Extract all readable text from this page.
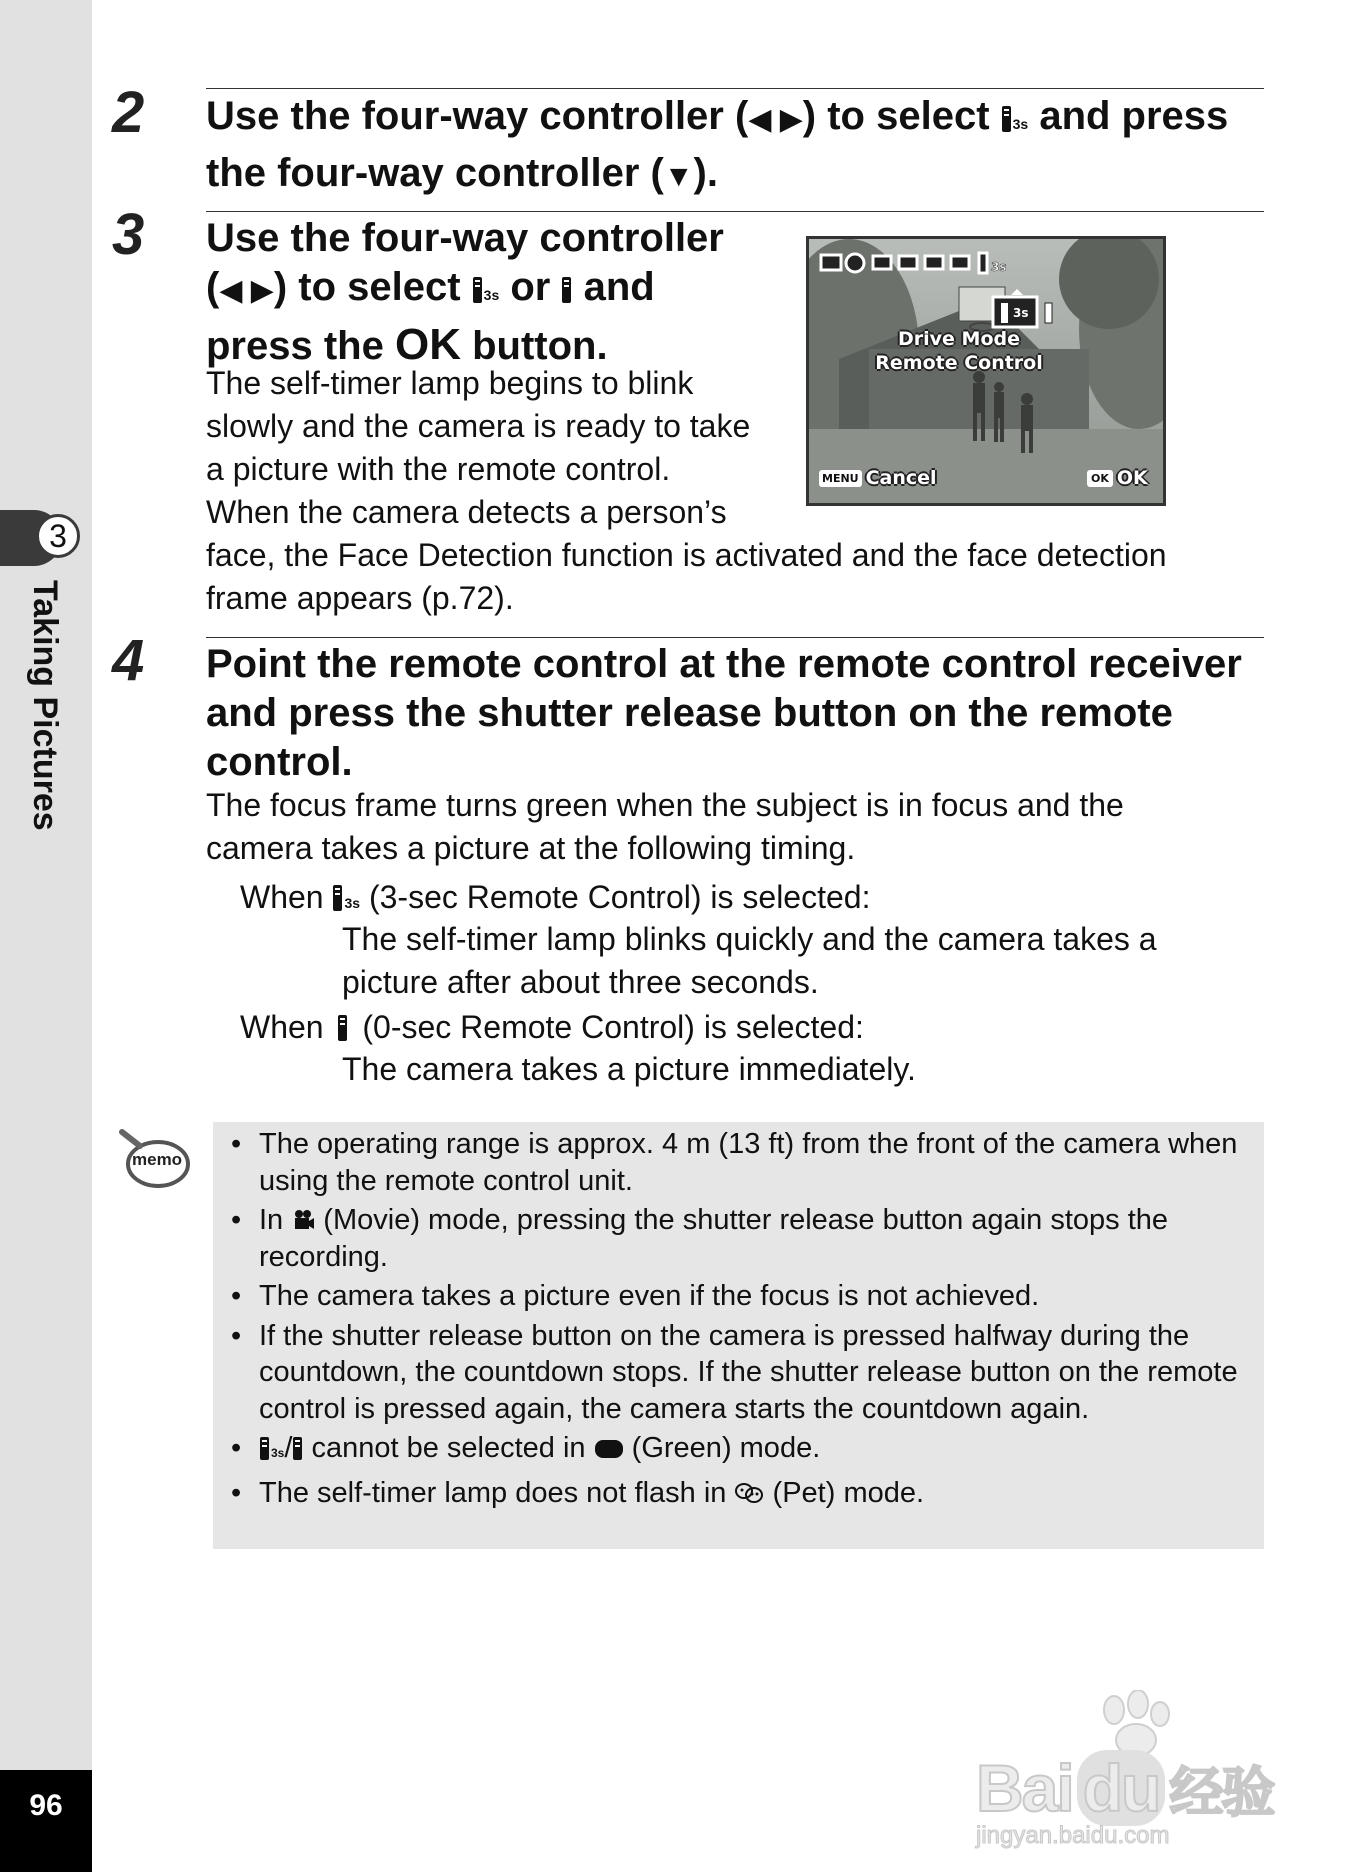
3
Taking Pictures
96
2 Use the four-way controller (◀ ▶) to select 3s and press
the four-way controller (▼).
3 Use the four-way controller
(◀ ▶) to select 3s or  and
press the OK button.
The self-timer lamp begins to blink
slowly and the camera is ready to take
a picture with the remote control.
When the camera detects a person’s
face, the Face Detection function is activated and the face detection
frame appears (p.72).
3s
3s
Drive Mode
Remote Control
MENU Cancel	OK OK
4 Point the remote control at the remote control receiver
and press the shutter release button on the remote
control.
The focus frame turns green when the subject is in focus and the
camera takes a picture at the following timing.
When 3s (3-sec Remote Control) is selected:
The self-timer lamp blinks quickly and the camera takes a
picture after about three seconds.
When  (0-sec Remote Control) is selected:
The camera takes a picture immediately.
memo • The operating range is approx. 4 m (13 ft) from the front of the camera when using the remote control unit.
• In  (Movie) mode, pressing the shutter release button again stops the recording.
• The camera takes a picture even if the focus is not achieved.
• If the shutter release button on the camera is pressed halfway during the countdown, the countdown stops. If the shutter release button on the remote control is pressed again, the camera starts the countdown again.
• 3s/ cannot be selected in  (Green) mode.
• The self-timer lamp does not flash in  (Pet) mode.
Bai du 经验
jingyan.baidu.com
